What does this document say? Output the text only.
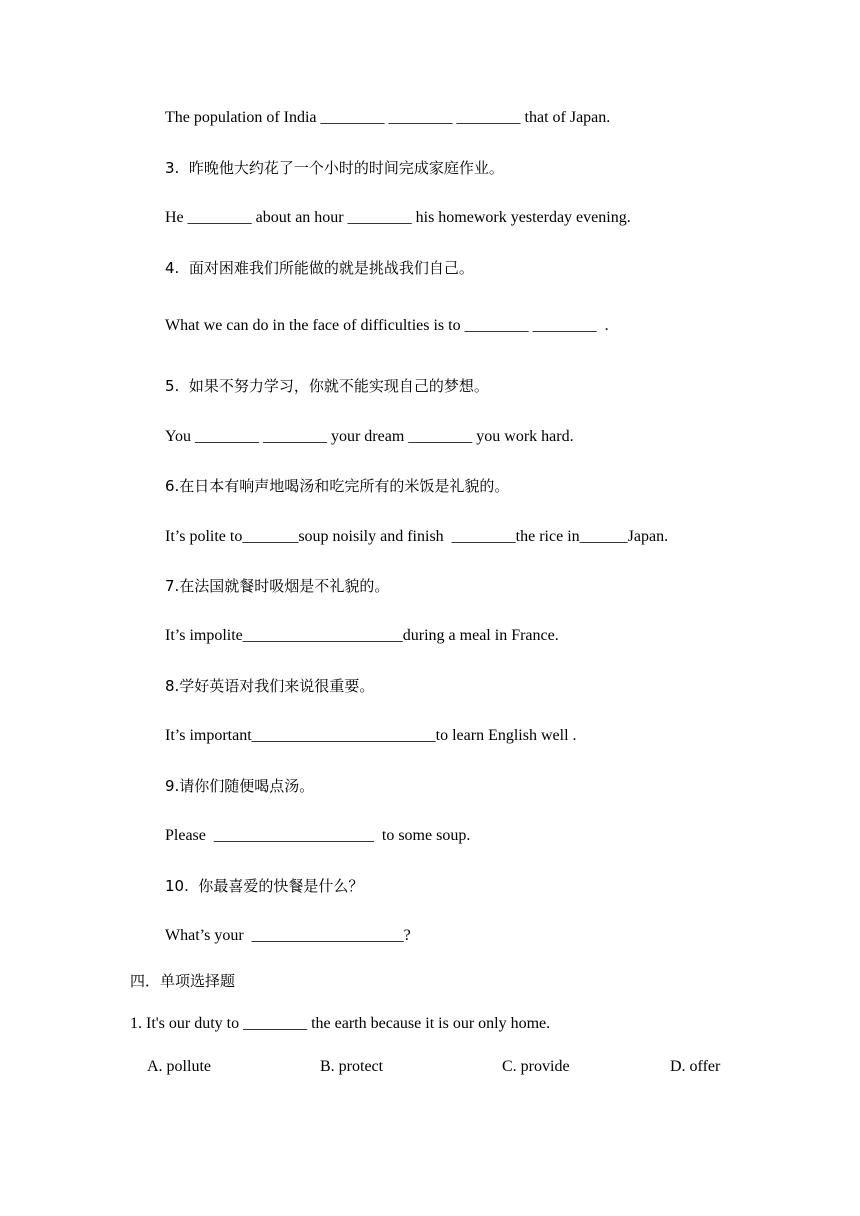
The population of India ________ ________ ________ that of Japan.
3.  昨晚他大约花了一个小时的时间完成家庭作业。
He ________ about an hour ________ his homework yesterday evening.
4.  面对困难我们所能做的就是挑战我们自己。
What we can do in the face of difficulties is to ________ ________  .
5.  如果不努力学习，你就不能实现自己的梦想。
You ________ ________ your dream ________ you work hard.
6.在日本有响声地喝汤和吃完所有的米饭是礼貌的。
It’s polite to_______soup noisily and finish  ________the rice in______Japan.
7.在法国就餐时吸烟是不礼貌的。
It’s impolite____________________during a meal in France.
8.学好英语对我们来说很重要。
It’s important_______________________to learn English well .
9.请你们随便喝点汤。
Please  ____________________  to some soup.
10.  你最喜爱的快餐是什么？
What’s your  ___________________?
四．单项选择题
1. It's our duty to ________ the earth because it is our only home.
A. pollute	B. protect	C. provide	D. offer
